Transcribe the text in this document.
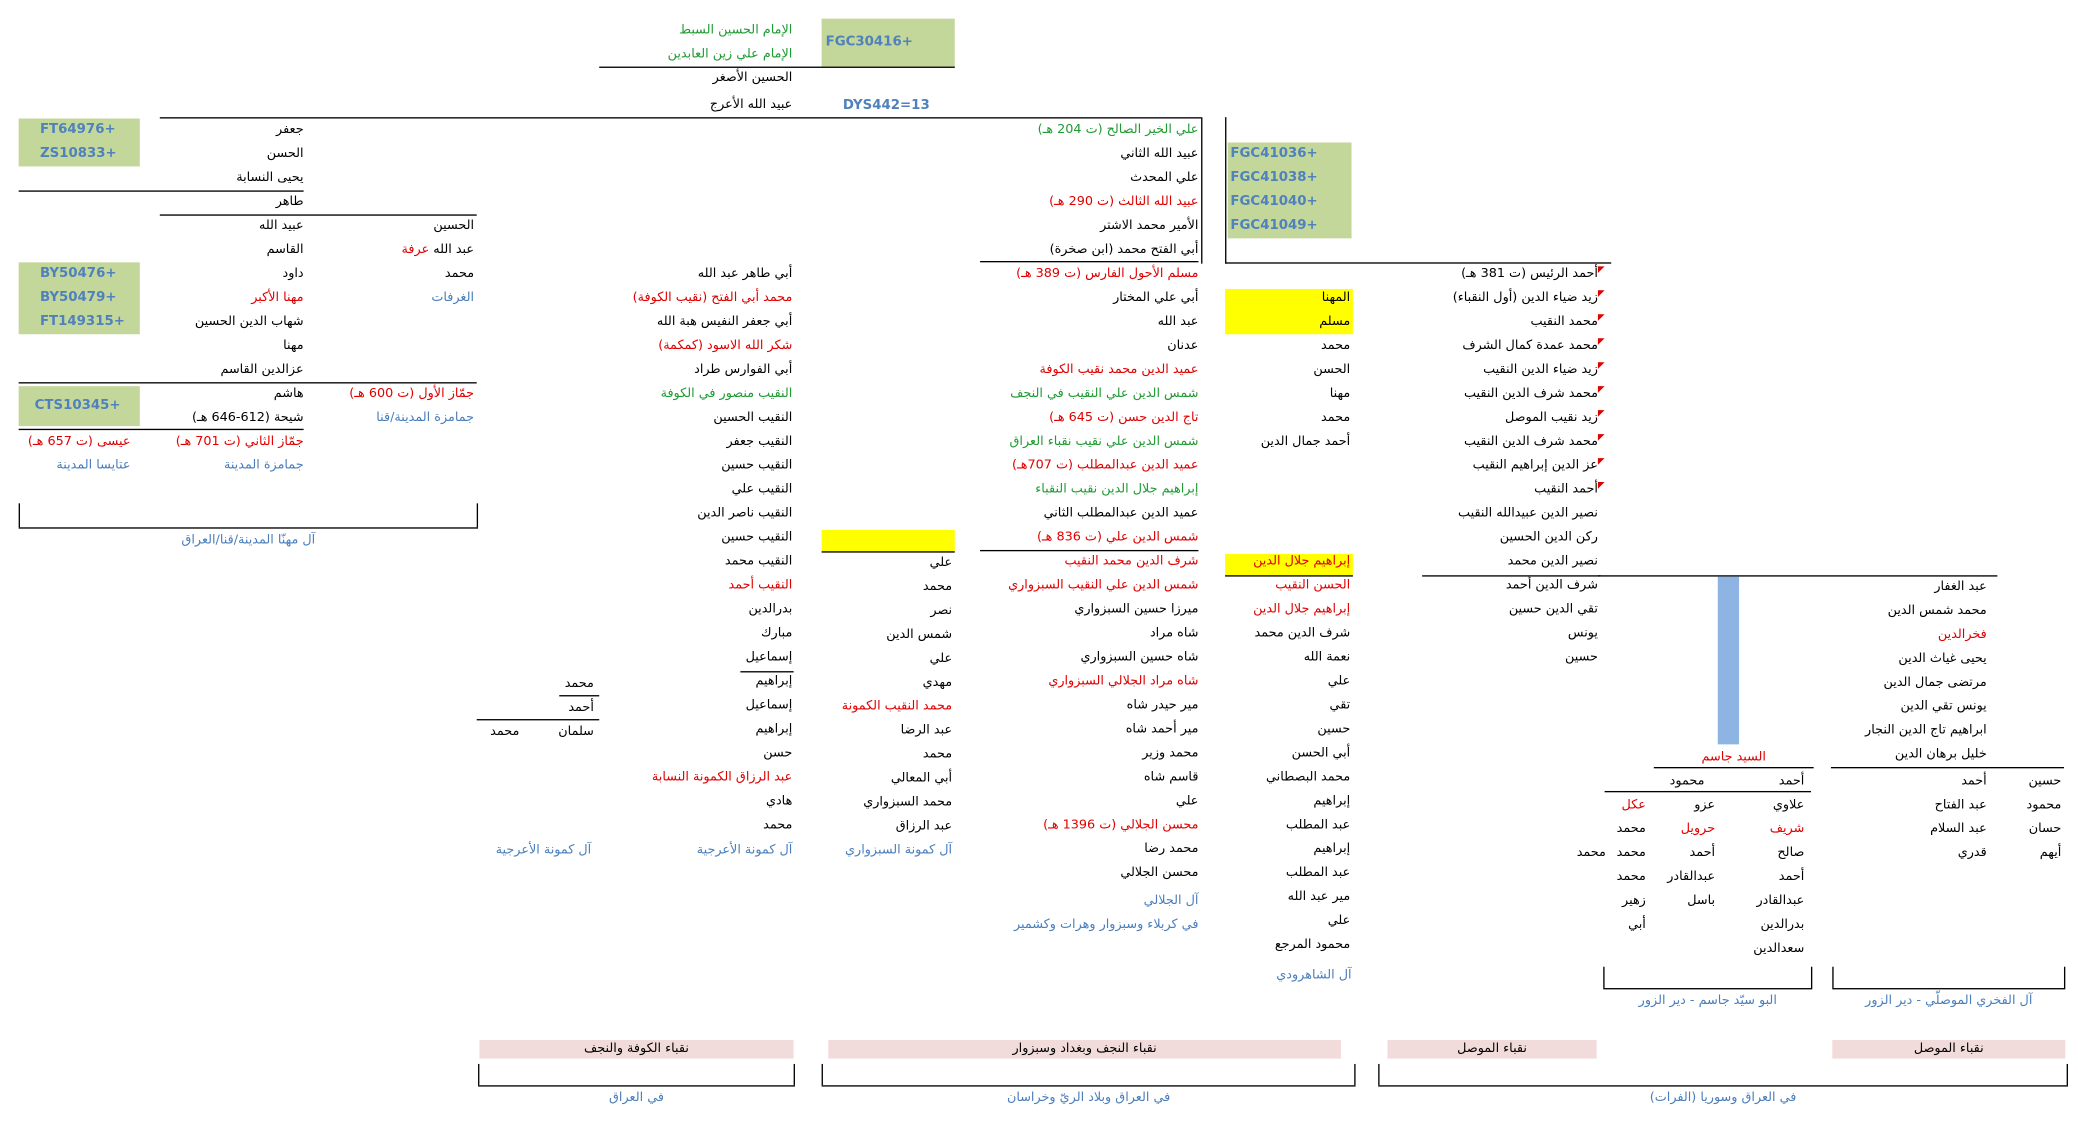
FGC30416+
الإمام الحسين السبط
الإمام علي زين العابدين
الحسين الأصغر
عبيد الله الأعرج	DYS442=13
FT64976+
ZS10833+
جعفر
الحسن
يحيى النسابة
طاهر
عبيد الله
القاسم
الحسين
عبد الله عرفة
محمد
الغرفات
BY50476+
BY50479+
FT149315+
داود
مهنا الأكبر
شهاب الدين الحسين
مهنا
عزالدين القاسم
CTS10345+
هاشم
شيحة (612-646 هـ)
جمّاز الأول (ت 600 هـ)
جمامزة المدينة/قنا
عيسى (ت 657 هـ)
عتايسا المدينة
جمّاز الثاني (ت 701 هـ)
جمامزة المدينة
آل مهنّا المدينة/قنا/العراق
أبي طاهر عبد الله
محمد أبي الفتح (نقيب الكوفة)
أبي جعفر النفيس هبة الله
شكر الله الاسود (كمكمة)
أبي الفوارس طراد
النقيب منصور في الكوفة
النقيب الحسين
النقيب جعفر
النقيب حسين
النقيب علي
النقيب ناصر الدين
النقيب حسين
النقيب محمد
النقيب أحمد
بدرالدين
مبارك
إسماعيل
إبراهيم
إسماعيل
إبراهيم
حسن
عبد الرزاق الكمونة النسابة
هادي
محمد
علي
محمد
نصر
شمس الدين
علي
مهدي
محمد النقيب الكمونة
عبد الرضا
محمد
أبي المعالي
محمد السبزواري
عبد الرزاق
محمد
أحمد
سلمان
محمد
آل كمونة الأعرجية	آل كمونة الأعرجية	آل كمونة السبزواري
FGC41036+
FGC41038+
FGC41040+
FGC41049+
علي الخير الصالح (ت 204 هـ)
عبيد الله الثاني
علي المحدث
عبيد الله الثالث (ت 290 هـ)
الأمير محمد الاشتر
أبي الفتح محمد (ابن صخرة)
مسلم الأحول الفارس (ت 389 هـ)
أبي علي المختار
عبد الله
عدنان
عميد الدين محمد نقيب الكوفة
شمس الدين علي النقيب في النجف
تاج الدين حسن (ت 645 هـ)
شمس الدين علي نقيب نقباء العراق
عميد الدين عبدالمطلب (ت 707هـ)
إبراهيم جلال الدين نقيب النقباء
عميد الدين عبدالمطلب الثاني
شمس الدين علي (ت 836 هـ)
شرف الدين محمد النقيب
شمس الدين علي النقيب السبزواري
ميرزا حسين السبزواري
شاه مراد
شاه حسين السبزواري
شاه مراد الجلالي السبزواري
مير حيدر شاه
مير أحمد شاه
محمد وزير
قاسم شاه
علي
محسن الجلالي (ت 1396 هـ)
محمد رضا
محسن الجلالي
آل الجلالي
في كربلاء وسبزوار وهرات وكشمير
المهنا
مسلم
محمد
الحسن
مهنا
محمد
أحمد جمال الدين
إبراهيم جلال الدين
الحسن النقيب
إبراهيم جلال الدين
شرف الدين محمد
نعمة الله
علي
تقي
حسين
أبي الحسن
محمد البصطاني
إبراهيم
عبد المطلب
إبراهيم
عبد المطلب
مير عبد الله
علي
محمود المرجع
آل الشاهرودي
أحمد الرئيس (ت 381 هـ)
زيد ضياء الدين (أول النقباء)
محمد النقيب
محمد عمدة كمال الشرف
زيد ضياء الدين النقيب
محمد شرف الدين النقيب
زيد نقيب الموصل
محمد شرف الدين النقيب
عز الدين إبراهيم النقيب
أحمد النقيب
نصير الدين عبيدالله النقيب
ركن الدين الحسين
نصير الدين محمد
شرف الدين أحمد
تقي الدين حسين
يونس
حسين
عبد الغفار
محمد شمس الدين
فخرالدين
يحيى غياث الدين
مرتضى جمال الدين
يونس تقي الدين
ابراهيم تاج الدين النجار
خليل برهان الدين
السيد جاسم
محمود	أحمد
عزو
عكل	علاوي
حرويل	شريف
محمد
محمد	أحمد	صالح
محمد
عبدالقادر
محمد	أحمد
زهير	باسل	عبدالقادر
أبي	بدرالدين
سعدالدين
حسين
أحمد
محمود
عبد الفتاح
حسان
عبد السلام
أيهم
قدري
البو سيّد جاسم - دير الزور	آل الفخري الموصلّي - دير الزور
نقباء الكوفة والنجف	نقباء النجف وبغداد وسبزوار	نقباء الموصل	نقباء الموصل
في العراق	في العراق وبلاد الريّ وخراسان	في العراق وسوريا (الفرات)
